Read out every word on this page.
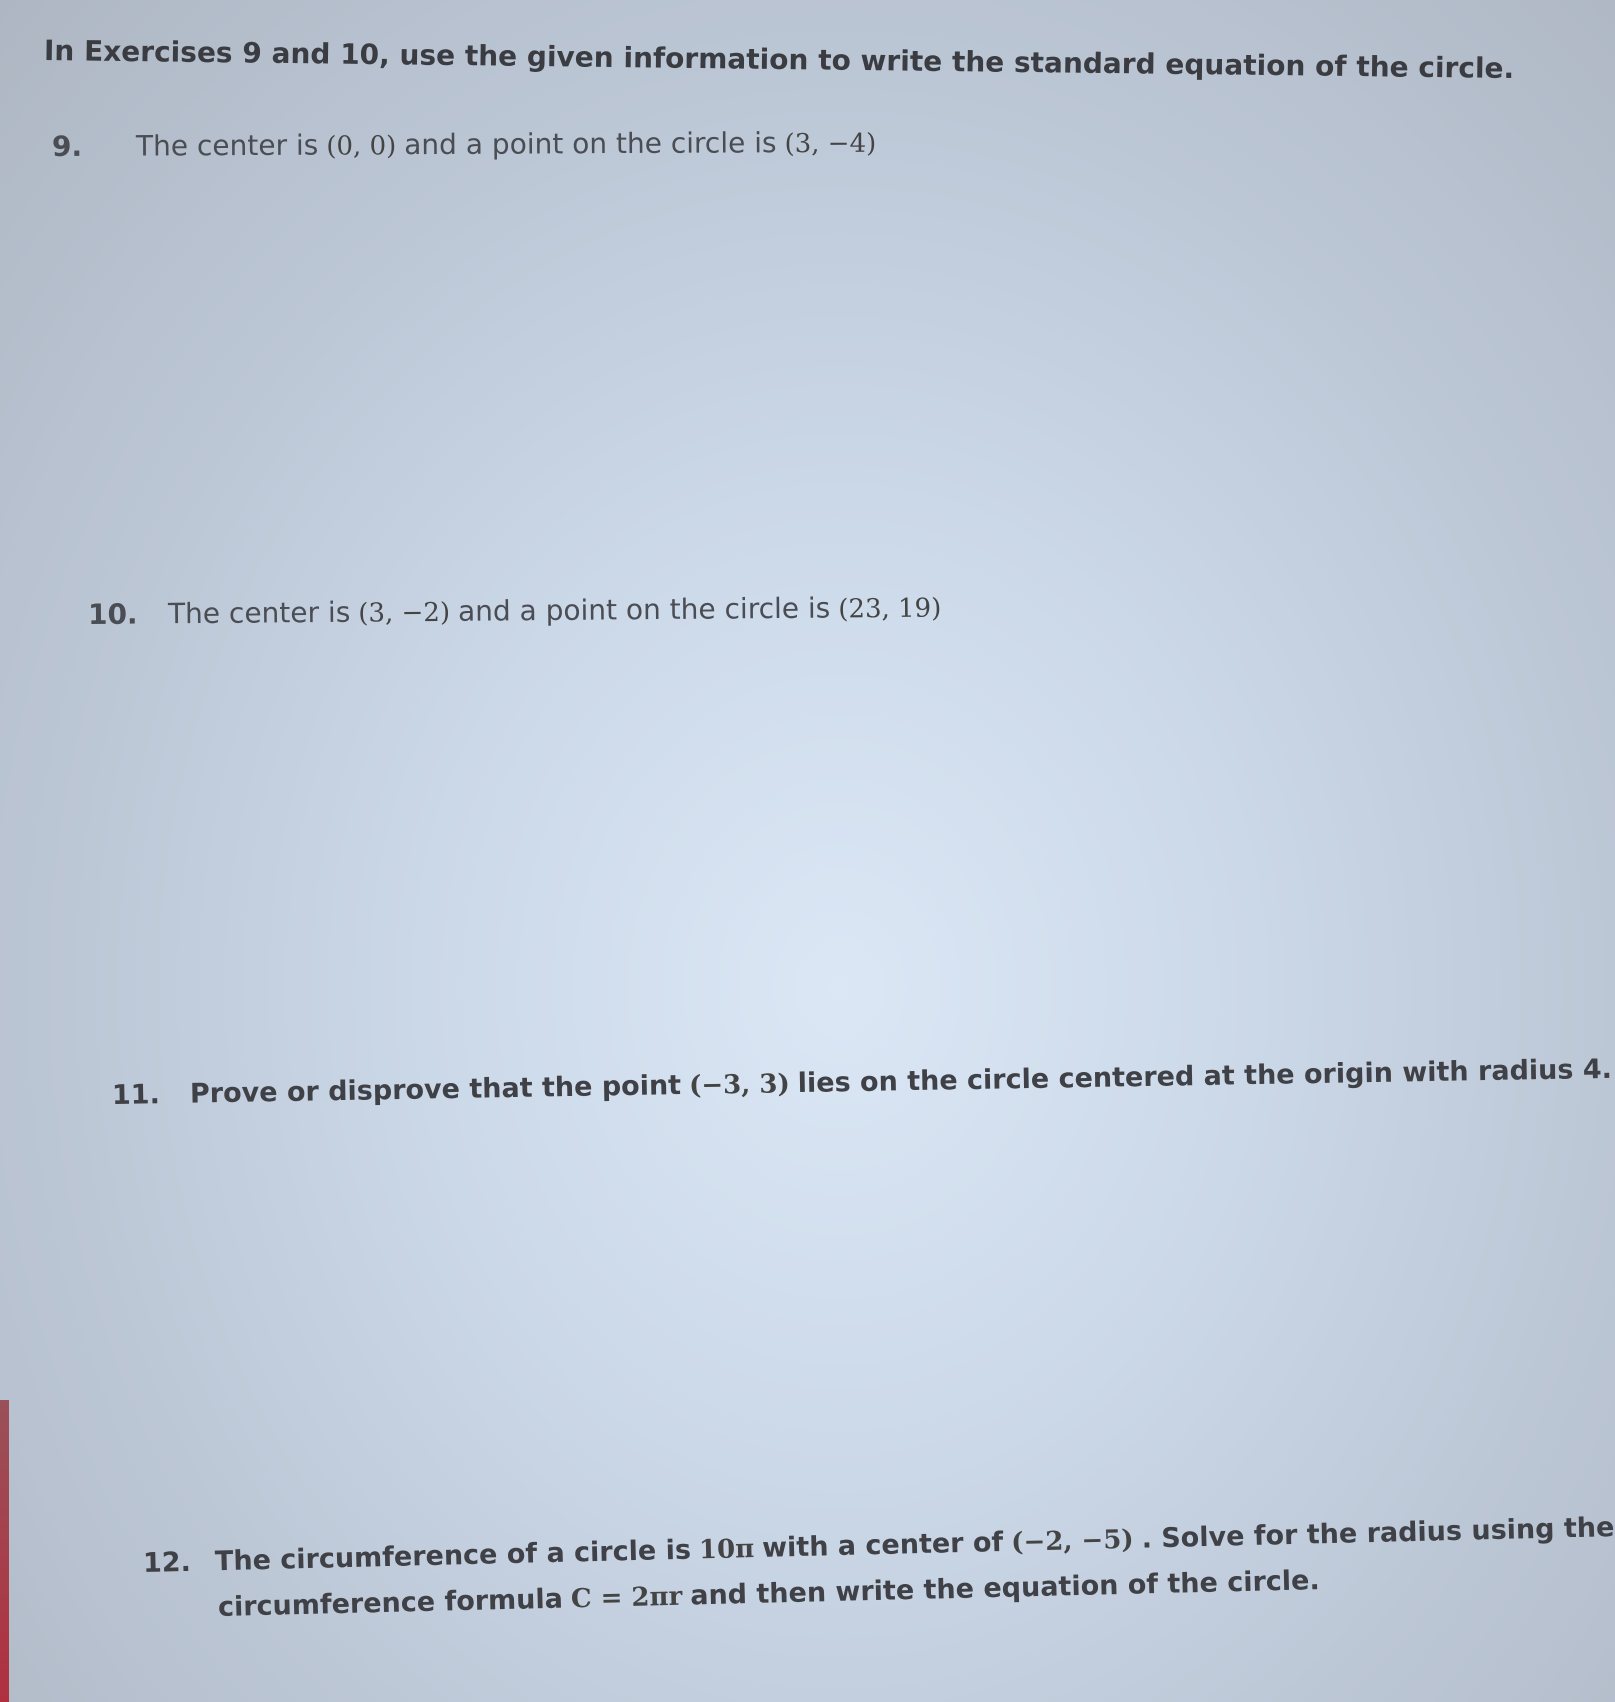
In Exercises 9 and 10, use the given information to write the standard equation of the circle.
9. The center is (0, 0) and a point on the circle is (3, −4)
10. The center is (3, −2) and a point on the circle is (23, 19)
11. Prove or disprove that the point (−3, 3) lies on the circle centered at the origin with radius 4.
12. The circumference of a circle is 10π with a center of (−2, −5) . Solve for the radius using the
circumference formula C = 2πr and then write the equation of the circle.
